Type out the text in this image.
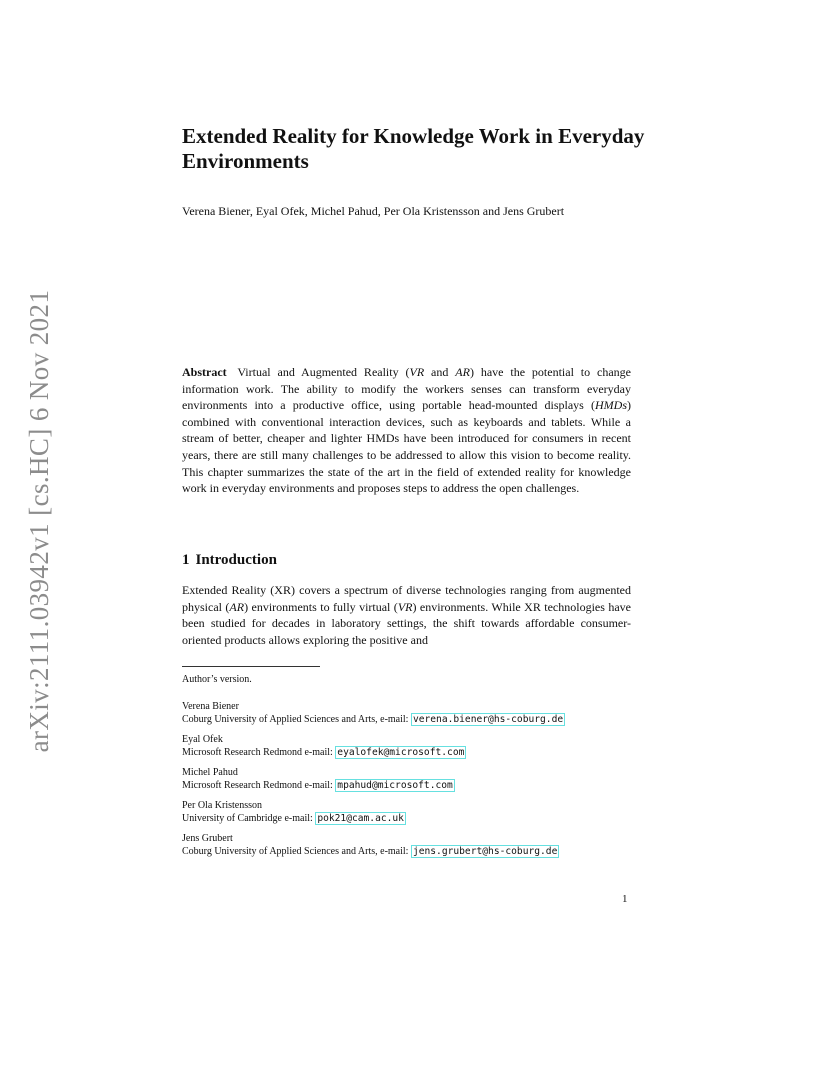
arXiv:2111.03942v1 [cs.HC] 6 Nov 2021
Extended Reality for Knowledge Work in Everyday Environments
Verena Biener, Eyal Ofek, Michel Pahud, Per Ola Kristensson and Jens Grubert

Abstract Virtual and Augmented Reality (VR and AR) have the potential to change information work. The ability to modify the workers senses can transform everyday environments into a productive office, using portable head-mounted displays (HMDs) combined with conventional interaction devices, such as keyboards and tablets. While a stream of better, cheaper and lighter HMDs have been introduced for consumers in recent years, there are still many challenges to be addressed to allow this vision to become reality. This chapter summarizes the state of the art in the field of extended reality for knowledge work in everyday environments and proposes steps to address the open challenges.

1 Introduction

Extended Reality (XR) covers a spectrum of diverse technologies ranging from augmented physical (AR) environments to fully virtual (VR) environments. While XR technologies have been studied for decades in laboratory settings, the shift towards affordable consumer-oriented products allows exploring the positive and

Author’s version.
Verena Biener
Coburg University of Applied Sciences and Arts, e-mail: verena.biener@hs-coburg.de
Eyal Ofek
Microsoft Research Redmond e-mail: eyalofek@microsoft.com
Michel Pahud
Microsoft Research Redmond e-mail: mpahud@microsoft.com
Per Ola Kristensson
University of Cambridge e-mail: pok21@cam.ac.uk
Jens Grubert
Coburg University of Applied Sciences and Arts, e-mail: jens.grubert@hs-coburg.de
1
